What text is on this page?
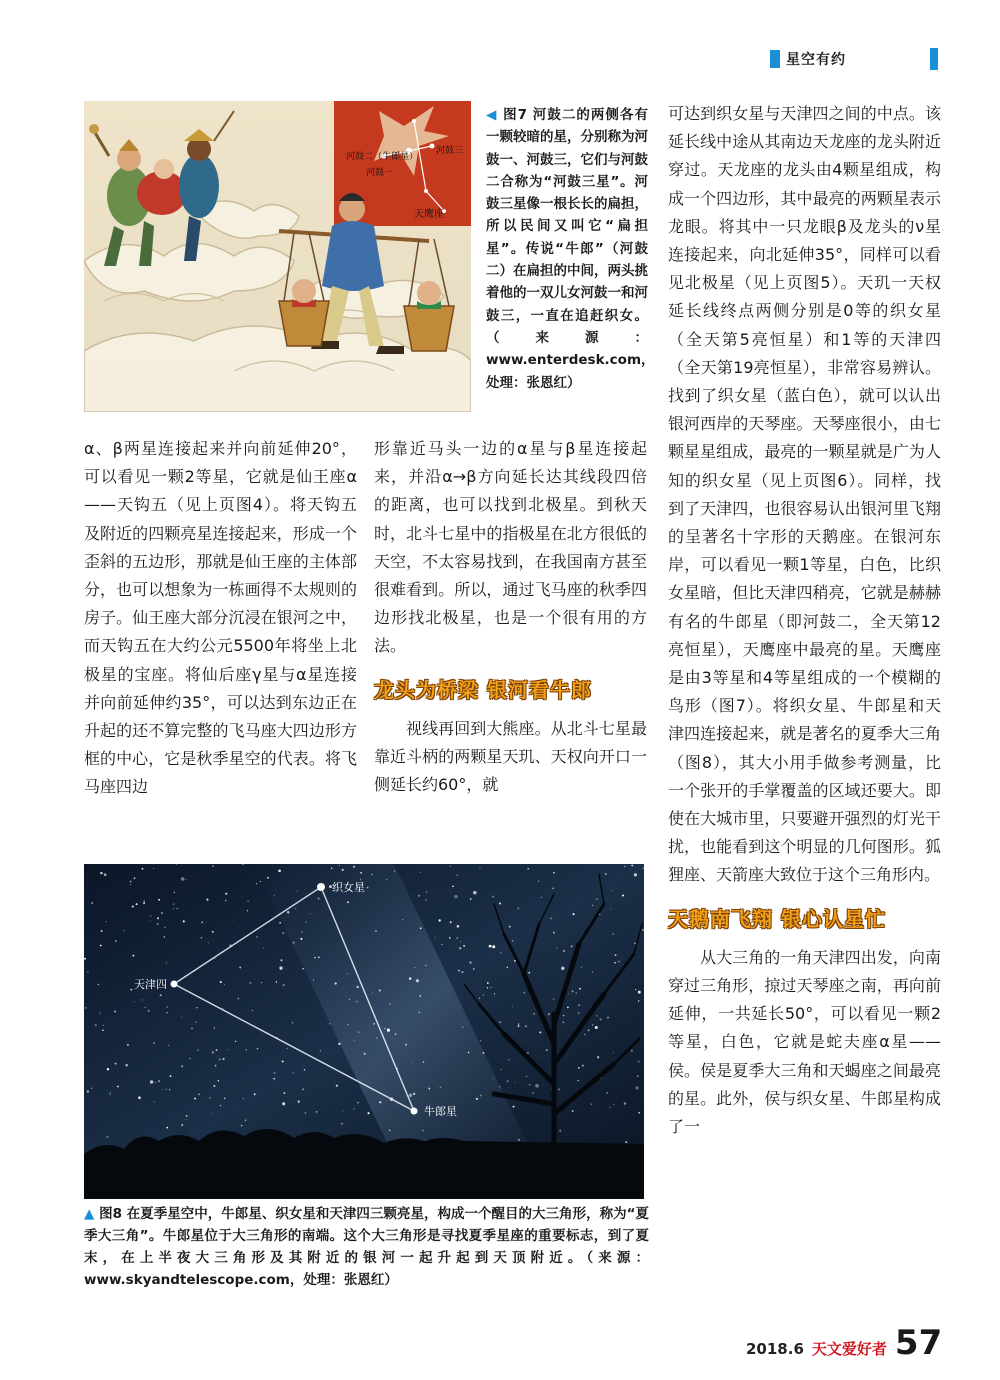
星空有约
河鼓二（牛郎星）
河鼓三
河鼓一
天鹰座
◀ 图7 河鼓二的两侧各有一颗较暗的星，分别称为河鼓一、河鼓三，它们与河鼓二合称为“河鼓三星”。河鼓三星像一根长长的扁担，所以民间又叫它“扁担星”。传说“牛郎”（河鼓二）在扁担的中间，两头挑着他的一双儿女河鼓一和河鼓三，一直在追赶织女。（来源：www.enterdesk.com，处理：张恩红）

α、β两星连接起来并向前延伸20°，可以看见一颗2等星，它就是仙王座α——天钩五（见上页图4）。将天钩五及附近的四颗亮星连接起来，形成一个歪斜的五边形，那就是仙王座的主体部分，也可以想象为一栋画得不太规则的房子。仙王座大部分沉浸在银河之中，而天钩五在大约公元5500年将坐上北极星的宝座。将仙后座γ星与α星连接并向前延伸约35°，可以达到东边正在升起的还不算完整的飞马座大四边形方框的中心，它是秋季星空的代表。将飞马座四边

形靠近马头一边的α星与β星连接起来，并沿α→β方向延长达其线段四倍的距离，也可以找到北极星。到秋天时，北斗七星中的指极星在北方很低的天空，不太容易找到，在我国南方甚至很难看到。所以，通过飞马座的秋季四边形找北极星，也是一个很有用的方法。

龙头为桥梁 银河看牛郎

视线再回到大熊座。从北斗七星最靠近斗柄的两颗星天玑、天权向开口一侧延长约60°，就

织女星
天津四
牛郎星
▲ 图8 在夏季星空中，牛郎星、织女星和天津四三颗亮星，构成一个醒目的大三角形，称为“夏季大三角”。牛郎星位于大三角形的南端。这个大三角形是寻找夏季星座的重要标志，到了夏末，在上半夜大三角形及其附近的银河一起升起到天顶附近。（来源：www.skyandtelescope.com，处理：张恩红）

可达到织女星与天津四之间的中点。该延长线中途从其南边天龙座的龙头附近穿过。天龙座的龙头由4颗星组成，构成一个四边形，其中最亮的两颗星表示龙眼。将其中一只龙眼β及龙头的ν星连接起来，向北延伸35°，同样可以看见北极星（见上页图5）。天玑一天权延长线终点两侧分别是0等的织女星（全天第5亮恒星）和1等的天津四（全天第19亮恒星），非常容易辨认。找到了织女星（蓝白色），就可以认出银河西岸的天琴座。天琴座很小，由七颗星星组成，最亮的一颗星就是广为人知的织女星（见上页图6）。同样，找到了天津四，也很容易认出银河里飞翔的呈著名十字形的天鹅座。在银河东岸，可以看见一颗1等星，白色，比织女星暗，但比天津四稍亮，它就是赫赫有名的牛郎星（即河鼓二，全天第12亮恒星），天鹰座中最亮的星。天鹰座是由3等星和4等星组成的一个模糊的鸟形（图7）。将织女星、牛郎星和天津四连接起来，就是著名的夏季大三角（图8），其大小用手做参考测量，比一个张开的手掌覆盖的区域还要大。即使在大城市里，只要避开强烈的灯光干扰，也能看到这个明显的几何图形。狐狸座、天箭座大致位于这个三角形内。

天鹅南飞翔 银心认星忙

从大三角的一角天津四出发，向南穿过三角形，掠过天琴座之南，再向前延伸，一共延长50°，可以看见一颗2等星，白色，它就是蛇夫座α星——侯。侯是夏季大三角和天蝎座之间最亮的星。此外，侯与织女星、牛郎星构成了一

2018.6 天文爱好者 57
